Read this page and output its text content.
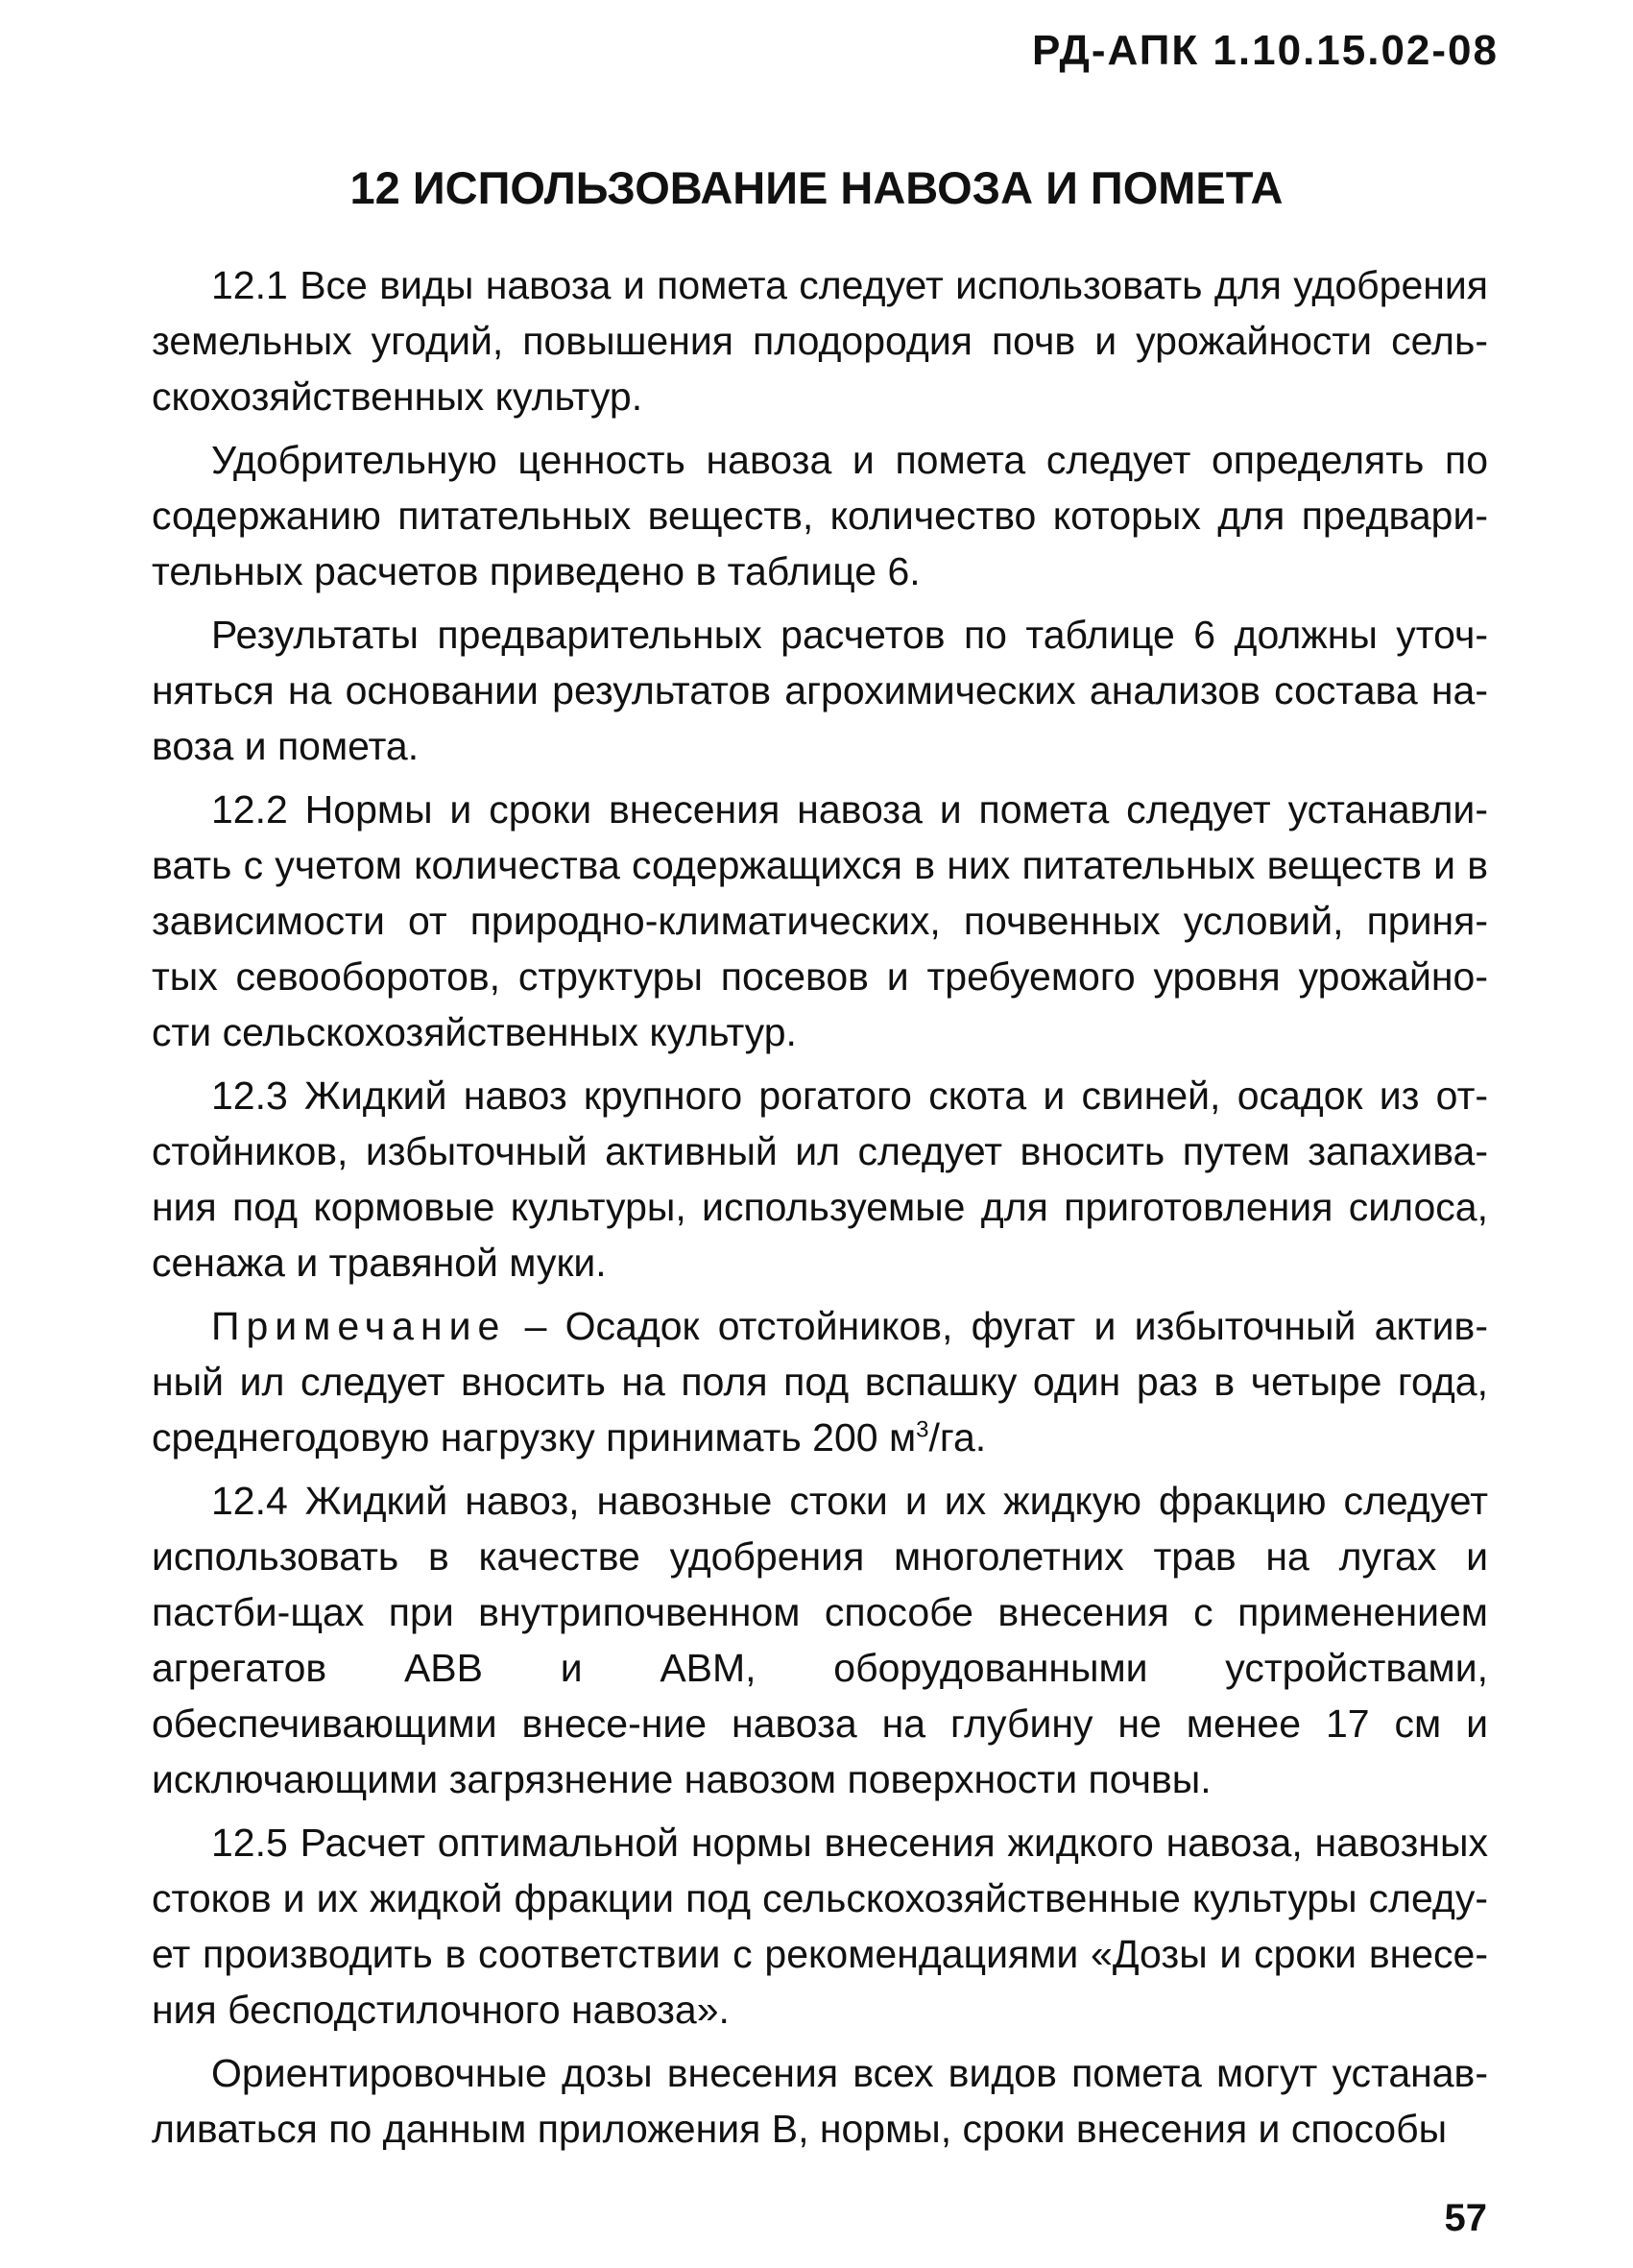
РД-АПК 1.10.15.02-08

12 ИСПОЛЬЗОВАНИЕ НАВОЗА И ПОМЕТА

12.1 Все виды навоза и помета следует использовать для удобрения земельных угодий, повышения плодородия почв и урожайности сель-скохозяйственных культур.

Удобрительную ценность навоза и помета следует определять по содержанию питательных веществ, количество которых для предвари-тельных расчетов приведено в таблице 6.

Результаты предварительных расчетов по таблице 6 должны уточ-няться на основании результатов агрохимических анализов состава на-воза и помета.

12.2 Нормы и сроки внесения навоза и помета следует устанавли-вать с учетом количества содержащихся в них питательных веществ и в зависимости от природно-климатических, почвенных условий, приня-тых севооборотов, структуры посевов и требуемого уровня урожайно-сти сельскохозяйственных культур.

12.3 Жидкий навоз крупного рогатого скота и свиней, осадок из от-стойников, избыточный активный ил следует вносить путем запахива-ния под кормовые культуры, используемые для приготовления силоса, сенажа и травяной муки.

Примечание – Осадок отстойников, фугат и избыточный актив-ный ил следует вносить на поля под вспашку один раз в четыре года, среднегодовую нагрузку принимать 200 $м^3/га$.

12.4 Жидкий навоз, навозные стоки и их жидкую фракцию следует использовать в качестве удобрения многолетних трав на лугах и пастби-щах при внутрипочвенном способе внесения с применением агрегатов АВВ и АВМ, оборудованными устройствами, обеспечивающими внесе-ние навоза на глубину не менее 17 см и исключающими загрязнение навозом поверхности почвы.

12.5 Расчет оптимальной нормы внесения жидкого навоза, навозных стоков и их жидкой фракции под сельскохозяйственные культуры следу-ет производить в соответствии с рекомендациями «Дозы и сроки внесе-ния бесподстилочного навоза».

Ориентировочные дозы внесения всех видов помета могут устанав-ливаться по данным приложения В, нормы, сроки внесения и способы

57
